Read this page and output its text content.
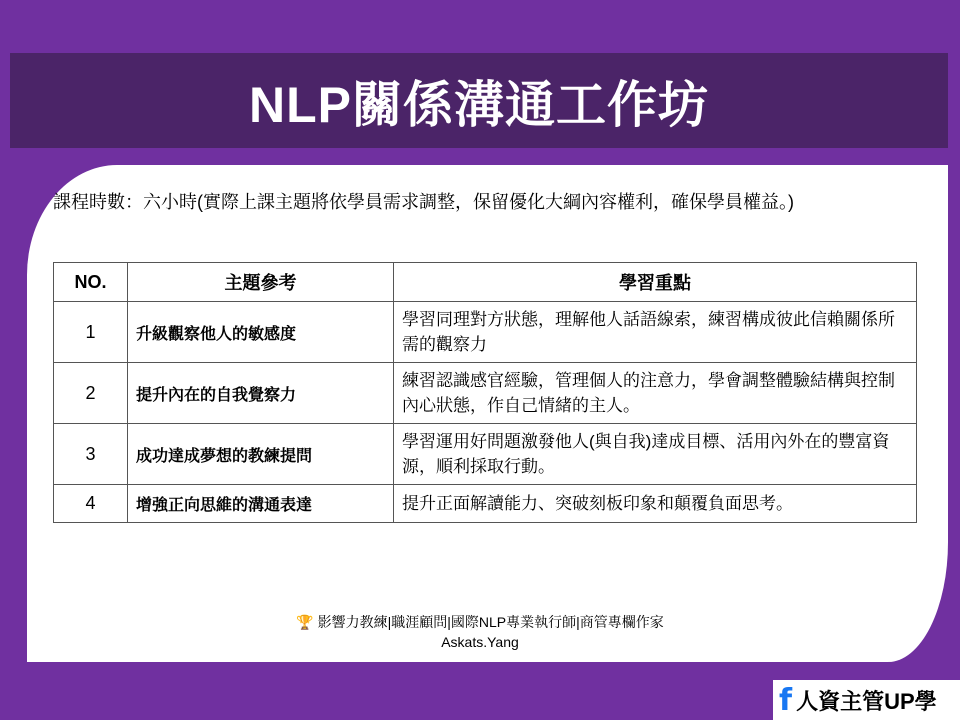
NLP關係溝通工作坊
課程時數：六小時(實際上課主題將依學員需求調整，保留優化大綱內容權利，確保學員權益。)
NO.	主題參考	學習重點
1	升級觀察他人的敏感度	學習同理對方狀態，理解他人話語線索，練習構成彼此信賴關係所需的觀察力
2	提升內在的自我覺察力	練習認識感官經驗，管理個人的注意力，學會調整體驗結構與控制內心狀態，作自己情緒的主人。
3	成功達成夢想的教練提問	學習運用好問題激發他人(與自我)達成目標、活用內外在的豐富資源，順利採取行動。
4	增強正向思維的溝通表達	提升正面解讀能力、突破刻板印象和顛覆負面思考。
🏆 影響力教練|職涯顧問|國際NLP專業執行師|商管專欄作家
Askats.Yang
f 人資主管UP學
